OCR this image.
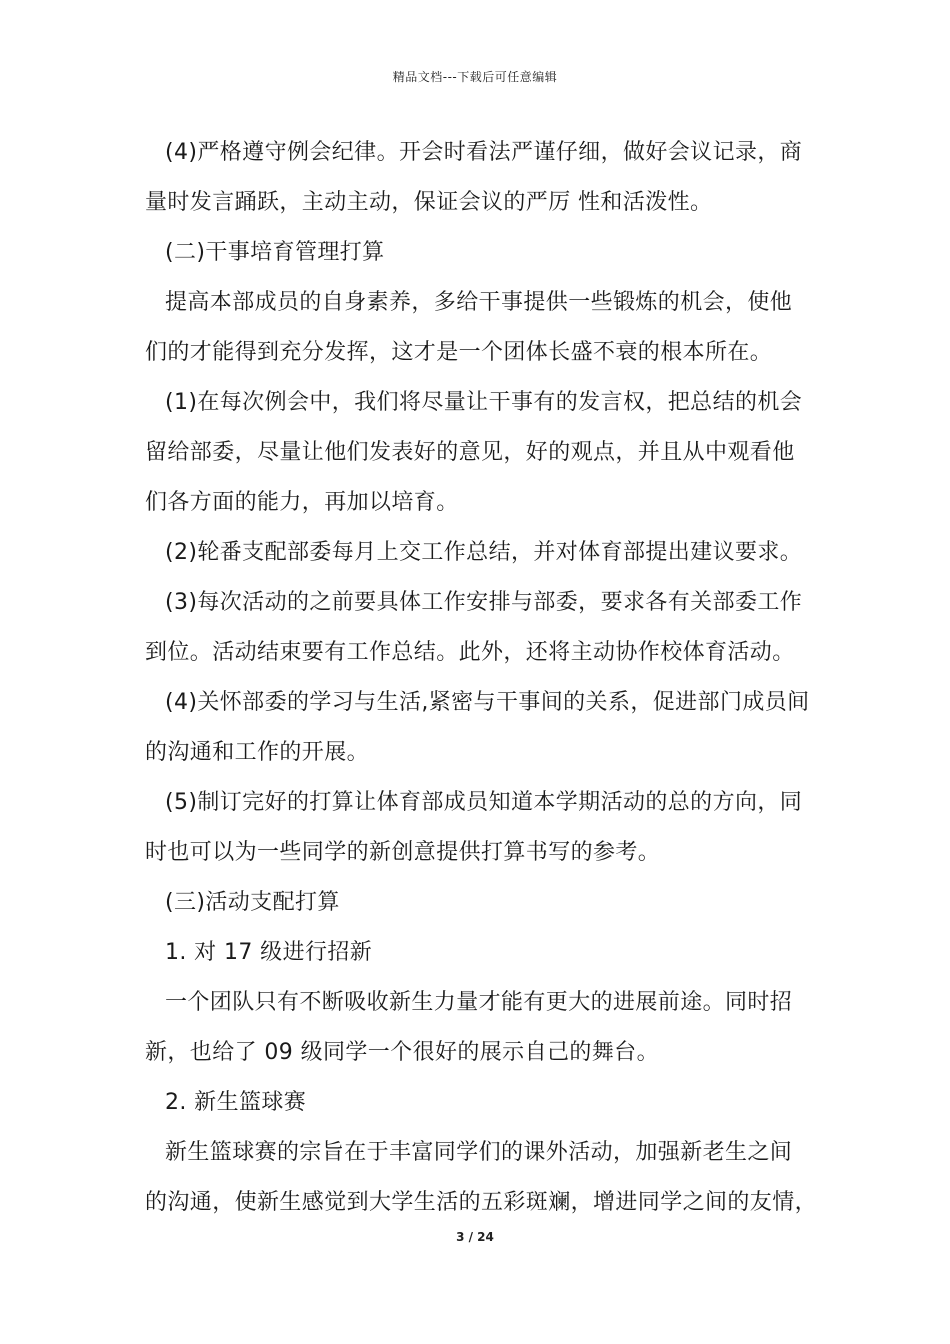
精品文档---下载后可任意编辑
(4)严格遵守例会纪律。开会时看法严谨仔细，做好会议记录，商
量时发言踊跃，主动主动，保证会议的严厉 性和活泼性。
(二)干事培育管理打算
提高本部成员的自身素养，多给干事提供一些锻炼的机会，使他
们的才能得到充分发挥，这才是一个团体长盛不衰的根本所在。
(1)在每次例会中，我们将尽量让干事有的发言权，把总结的机会
留给部委，尽量让他们发表好的意见，好的观点，并且从中观看他
们各方面的能力，再加以培育。
(2)轮番支配部委每月上交工作总结，并对体育部提出建议要求。
(3)每次活动的之前要具体工作安排与部委，要求各有关部委工作
到位。活动结束要有工作总结。此外，还将主动协作校体育活动。
(4)关怀部委的学习与生活,紧密与干事间的关系，促进部门成员间
的沟通和工作的开展。
(5)制订完好的打算让体育部成员知道本学期活动的总的方向，同
时也可以为一些同学的新创意提供打算书写的参考。
(三)活动支配打算
1. 对 17 级进行招新
一个团队只有不断吸收新生力量才能有更大的进展前途。同时招
新，也给了 09 级同学一个很好的展示自己的舞台。
2. 新生篮球赛
新生篮球赛的宗旨在于丰富同学们的课外活动，加强新老生之间
的沟通，使新生感觉到大学生活的五彩斑斓，增进同学之间的友情，
3 / 24
